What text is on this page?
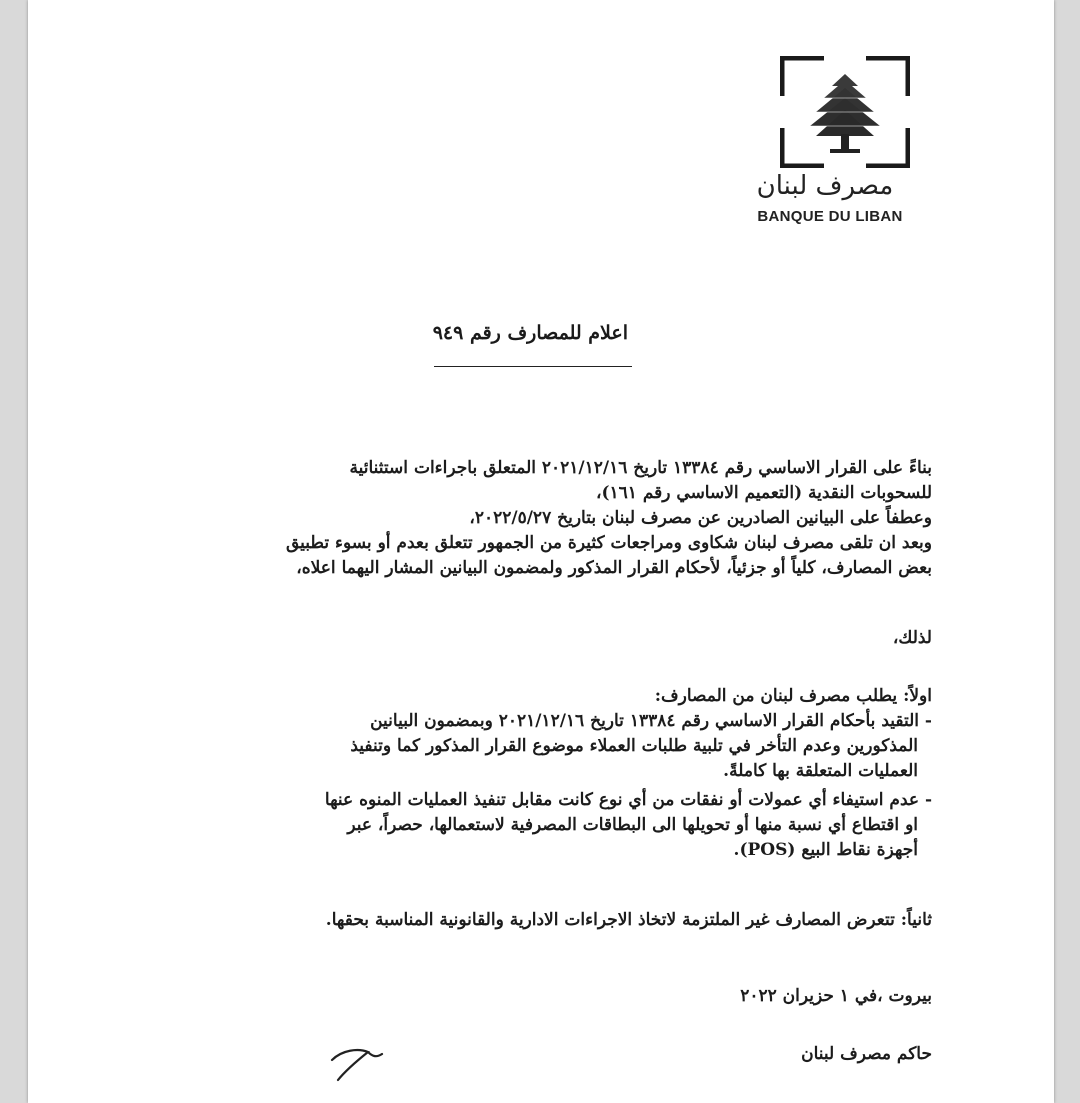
مصرف لبنان
BANQUE DU LIBAN
اعلام للمصارف رقم ٩٤٩
بناءً على القرار الاساسي رقم ١٣٣٨٤ تاريخ ٢٠٢١/١٢/١٦ المتعلق باجراءات استثنائية
للسحوبات النقدية (التعميم الاساسي رقم ١٦١)،
وعطفاً على البيانين الصادرين عن مصرف لبنان بتاريخ ٢٠٢٢/٥/٢٧،
وبعد ان تلقى مصرف لبنان شكاوى ومراجعات كثيرة من الجمهور تتعلق بعدم أو بسوء تطبيق
بعض المصارف، كلياً أو جزئياً، لأحكام القرار المذكور ولمضمون البيانين المشار اليهما اعلاه،
لذلك،
اولاً: يطلب مصرف لبنان من المصارف:
- التقيد بأحكام القرار الاساسي رقم ١٣٣٨٤ تاريخ ٢٠٢١/١٢/١٦ وبمضمون البيانين
المذكورين وعدم التأخر في تلبية طلبات العملاء موضوع القرار المذكور كما وتنفيذ
العمليات المتعلقة بها كاملةً.
- عدم استيفاء أي عمولات أو نفقات من أي نوع كانت مقابل تنفيذ العمليات المنوه عنها
او اقتطاع أي نسبة منها أو تحويلها الى البطاقات المصرفية لاستعمالها، حصراً، عبر
أجهزة نقاط البيع (POS).
ثانياً: تتعرض المصارف غير الملتزمة لاتخاذ الاجراءات الادارية والقانونية المناسبة بحقها.
بيروت ،في ١ حزيران ٢٠٢٢
حاكم مصرف لبنان
